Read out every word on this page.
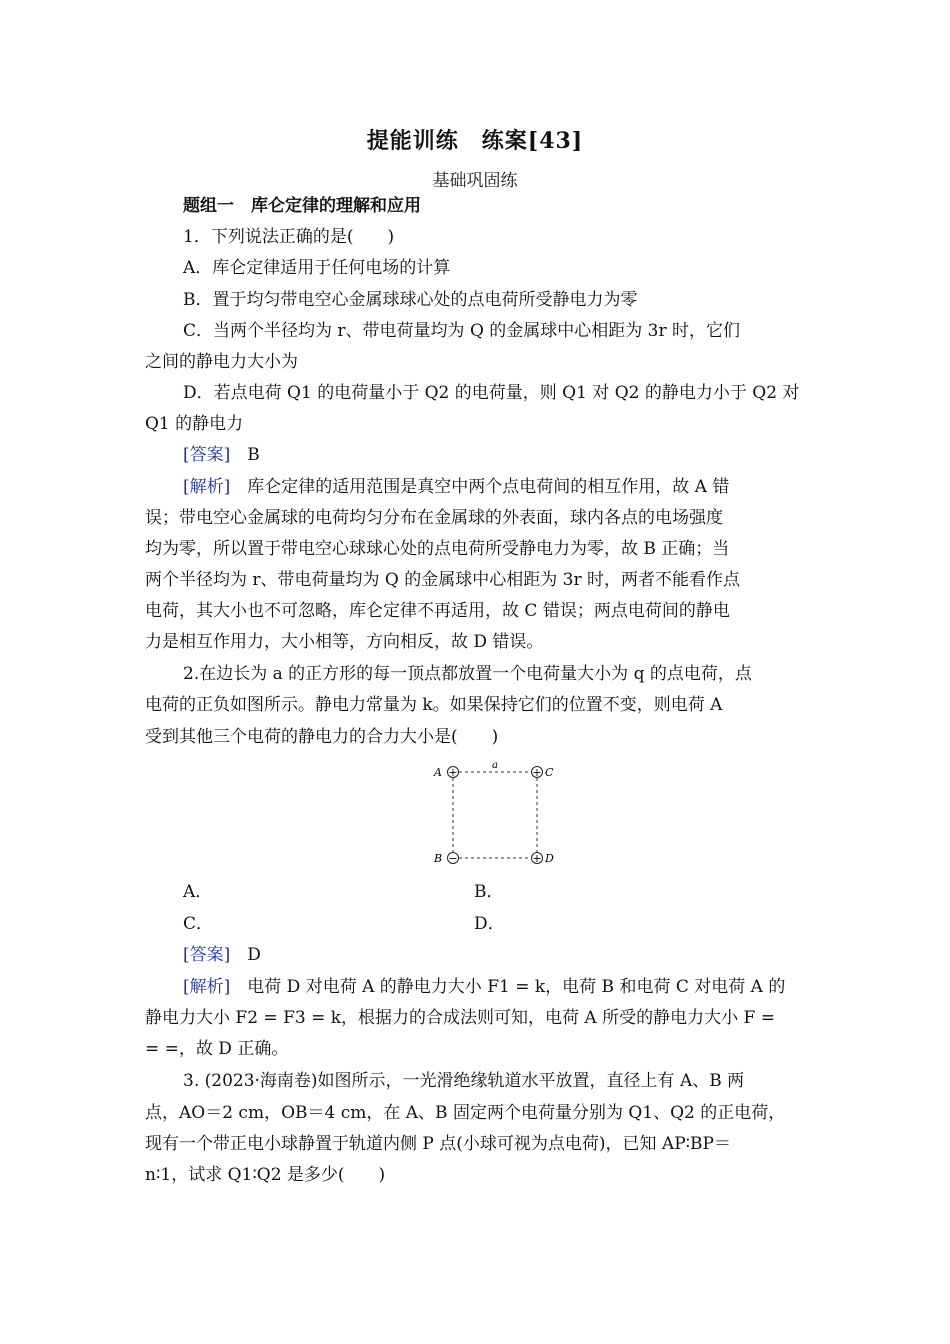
提能训练　练案[43]
基础巩固练
题组一　库仑定律的理解和应用
1．下列说法正确的是(　　)
A．库仑定律适用于任何电场的计算
B．置于均匀带电空心金属球球心处的点电荷所受静电力为零
C．当两个半径均为 r、带电荷量均为 Q 的金属球中心相距为 3r 时，它们
之间的静电力大小为
D．若点电荷 Q1 的电荷量小于 Q2 的电荷量，则 Q1 对 Q2 的静电力小于 Q2 对
Q1 的静电力
[答案]　 B
[解析]　 库仑定律的适用范围是真空中两个点电荷间的相互作用，故 A 错
误；带电空心金属球的电荷均匀分布在金属球的外表面，球内各点的电场强度
均为零，所以置于带电空心球球心处的点电荷所受静电力为零，故 B 正确；当
两个半径均为 r、带电荷量均为 Q 的金属球中心相距为 3r 时，两者不能看作点
电荷，其大小也不可忽略，库仑定律不再适用，故 C 错误；两点电荷间的静电
力是相互作用力，大小相等，方向相反，故 D 错误。
2.在边长为 a 的正方形的每一顶点都放置一个电荷量大小为 q 的点电荷，点
电荷的正负如图所示。静电力常量为 k。如果保持它们的位置不变，则电荷 A
受到其他三个电荷的静电力的合力大小是(　　)
+	+
−	+
A	C
B	D
a
A．	B．
C．	D．
[答案]　 D
[解析]　 电荷 D 对电荷 A 的静电力大小 F1 = k，电荷 B 和电荷 C 对电荷 A 的
静电力大小 F2 = F3 = k，根据力的合成法则可知，电荷 A 所受的静电力大小 F =
= =，故 D 正确。
3. (2023·海南卷)如图所示，一光滑绝缘轨道水平放置，直径上有 A、B 两
点，AO＝2 cm，OB＝4 cm，在 A、B 固定两个电荷量分别为 Q1、Q2 的正电荷，
现有一个带正电小球静置于轨道内侧 P 点(小球可视为点电荷)，已知 AP∶BP＝
n∶1，试求 Q1∶Q2 是多少(　　)
